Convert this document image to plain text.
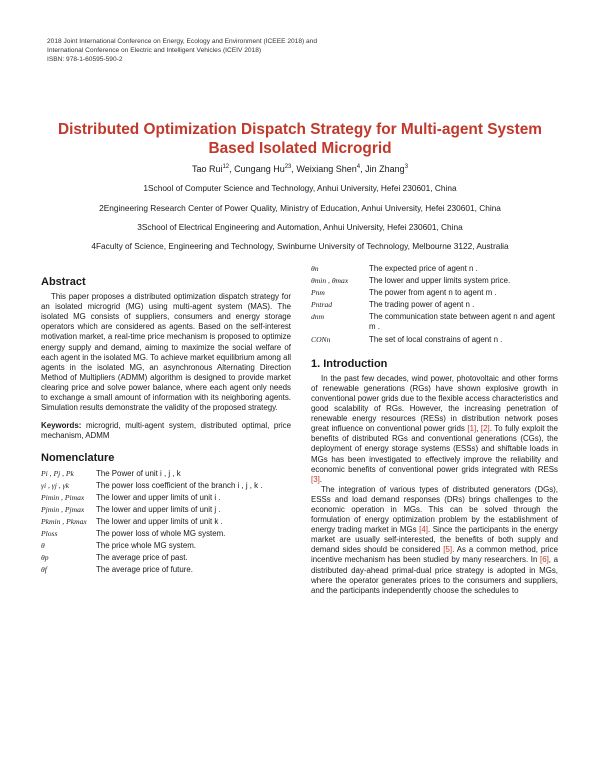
2018 Joint International Conference on Energy, Ecology and Environment (ICEEE 2018) and
International Conference on Electric and Intelligent Vehicles (ICEIV 2018)
ISBN: 978-1-60595-590-2
Distributed Optimization Dispatch Strategy for Multi-agent System
Based Isolated Microgrid
Tao Rui$^{12}$, Cungang Hu$^{23}$, Weixiang Shen$^4$, Jin Zhang$^3$
1School of Computer Science and Technology, Anhui University, Hefei 230601, China
2Engineering Research Center of Power Quality, Ministry of Education, Anhui University, Hefei 230601, China
3School of Electrical Engineering and Automation, Anhui University, Hefei 230601, China
4Faculty of Science, Engineering and Technology, Swinburne University of Technology, Melbourne 3122, Australia
Abstract

This paper proposes a distributed optimization dispatch strategy for an isolated microgrid (MG) using multi-agent system (MAS). The isolated MG consists of suppliers, consumers and energy storage operators which are considered as agents. Based on the self-interest motivation market, a real-time price mechanism is proposed to optimize energy supply and demand, aiming to maximize the social welfare of each agent in the isolated MG. To achieve market equilibrium among all agents in the isolated MG, an asynchronous Alternating Direction Method of Multipliers (ADMM) algorithm is designed to provide market clearing price and solve power balance, where each agent only needs to exchange a small amount of information with its neighboring agents. Simulation results demonstrate the validity of the proposed strategy.

Keywords: microgrid, multi-agent system, distributed optimal, price mechanism, ADMM
Nomenclature
Pi , Pj , Pk	The Power of unit i , j , k
γi , γj , γk	The power loss coefficient of the branch i , j , k .
Pimin , Pimax	The lower and upper limits of unit i .
Pjmin , Pjmax	The lower and upper limits of unit j .
Pkmin , Pkmax	The lower and upper limits of unit k .
Ploss	The power loss of whole MG system.
θ	The price whole MG system.
θp	The average price of past.
θf	The average price of future.
θn	The expected price of agent n .
θmin , θmax	The lower and upper limits system price.
Pnm	The power from agent n to agent m .
Pntrad	The trading power of agent n .
dnm	The communication state between agent n and agent m .
CONn	The set of local constrains of agent n .
1. Introduction

In the past few decades, wind power, photovoltaic and other forms of renewable generations (RGs) have shown explosive growth in conventional power grids due to the flexible access characteristics and good scalability of RGs. However, the increasing penetration of renewable energy resources (RESs) in distribution network poses great influence on conventional power grids [1], [2]. To fully exploit the benefits of distributed RGs and conventional generations (CGs), the deployment of energy storage systems (ESSs) and shiftable loads in MGs has been investigated to effectively improve the reliability and economic benefits of conventional power grids integrated with RESs [3].

The integration of various types of distributed generators (DGs), ESSs and load demand responses (DRs) brings challenges to the economic operation in MGs. This can be solved through the formulation of energy optimization problem by the establishment of energy trading market in MGs [4]. Since the participants in the energy market are usually self-interested, the benefits of both supply and demand sides should be considered [5]. As a common method, price incentive mechanism has been studied by many researchers. In [6], a distributed day-ahead primal-dual price strategy is adopted in MGs, where the operator generates prices to the consumers and suppliers, and the participants independently choose the schedules to
